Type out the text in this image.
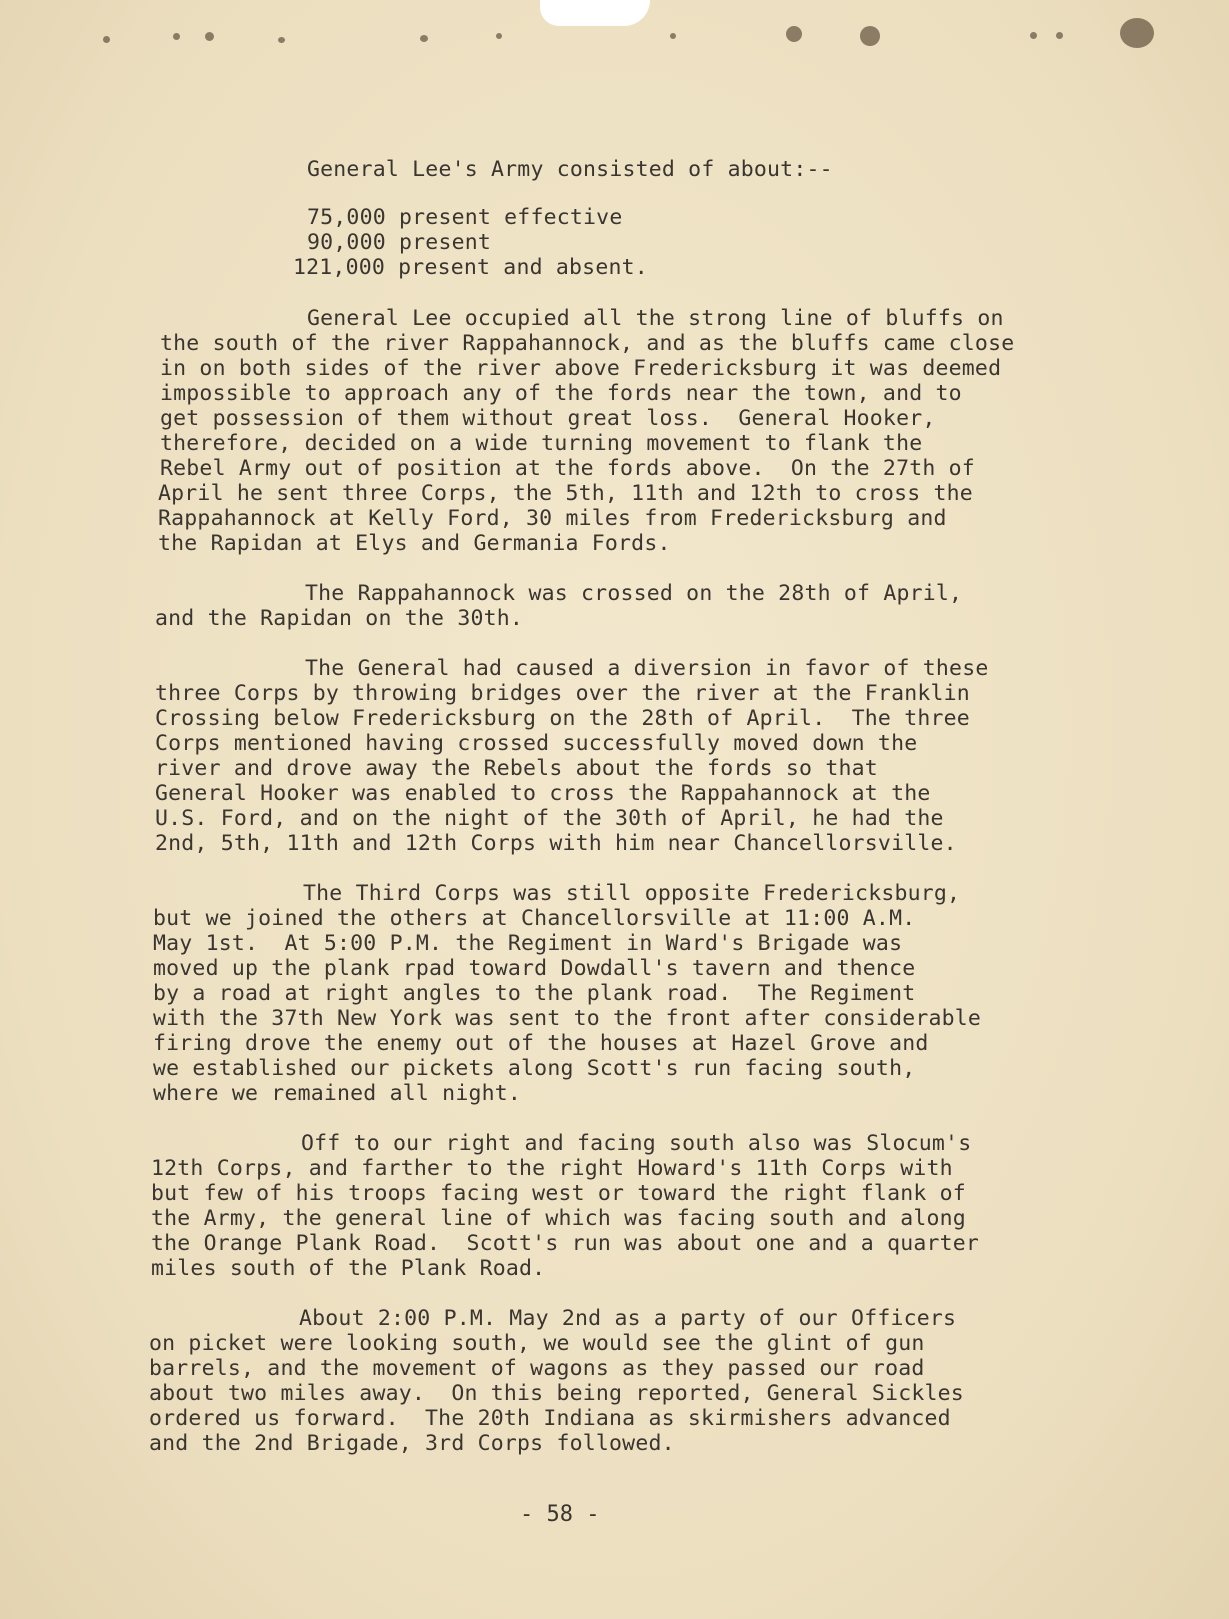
General Lee's Army consisted of about:--
75,000 present effective
90,000 present
121,000 present and absent.
General Lee occupied all the strong line of bluffs on
the south of the river Rappahannock, and as the bluffs came close
in on both sides of the river above Fredericksburg it was deemed
impossible to approach any of the fords near the town, and to
get possession of them without great loss.  General Hooker,
therefore, decided on a wide turning movement to flank the
Rebel Army out of position at the fords above.  On the 27th of
April he sent three Corps, the 5th, 11th and 12th to cross the
Rappahannock at Kelly Ford, 30 miles from Fredericksburg and
the Rapidan at Elys and Germania Fords.
The Rappahannock was crossed on the 28th of April,
and the Rapidan on the 30th.
The General had caused a diversion in favor of these
three Corps by throwing bridges over the river at the Franklin
Crossing below Fredericksburg on the 28th of April.  The three
Corps mentioned having crossed successfully moved down the
river and drove away the Rebels about the fords so that
General Hooker was enabled to cross the Rappahannock at the
U.S. Ford, and on the night of the 30th of April, he had the
2nd, 5th, 11th and 12th Corps with him near Chancellorsville.
The Third Corps was still opposite Fredericksburg,
but we joined the others at Chancellorsville at 11:00 A.M.
May 1st.  At 5:00 P.M. the Regiment in Ward's Brigade was
moved up the plank rpad toward Dowdall's tavern and thence
by a road at right angles to the plank road.  The Regiment
with the 37th New York was sent to the front after considerable
firing drove the enemy out of the houses at Hazel Grove and
we established our pickets along Scott's run facing south,
where we remained all night.
Off to our right and facing south also was Slocum's
12th Corps, and farther to the right Howard's 11th Corps with
but few of his troops facing west or toward the right flank of
the Army, the general line of which was facing south and along
the Orange Plank Road.  Scott's run was about one and a quarter
miles south of the Plank Road.
About 2:00 P.M. May 2nd as a party of our Officers
on picket were looking south, we would see the glint of gun
barrels, and the movement of wagons as they passed our road
about two miles away.  On this being reported, General Sickles
ordered us forward.  The 20th Indiana as skirmishers advanced
and the 2nd Brigade, 3rd Corps followed.
- 58 -
